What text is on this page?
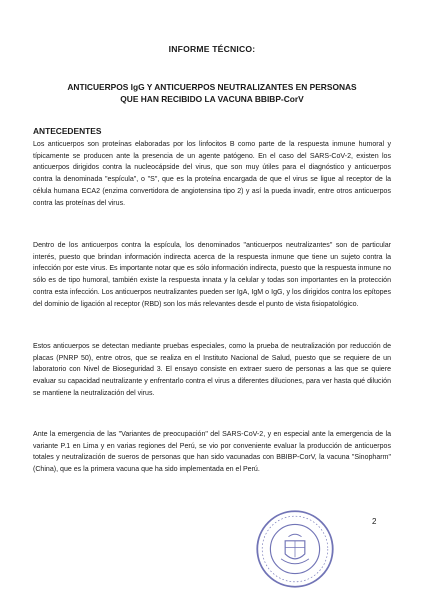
INFORME TÉCNICO:
ANTICUERPOS IgG Y ANTICUERPOS NEUTRALIZANTES EN PERSONAS QUE HAN RECIBIDO LA VACUNA BBIBP-CorV
ANTECEDENTES

Los anticuerpos son proteínas elaboradas por los linfocitos B como parte de la respuesta inmune humoral y típicamente se producen ante la presencia de un agente patógeno. En el caso del SARS-CoV-2, existen los anticuerpos dirigidos contra la nucleocápside del virus, que son muy útiles para el diagnóstico y anticuerpos contra la denominada "espícula", o "S", que es la proteína encargada de que el virus se ligue al receptor de la célula humana ECA2 (enzima convertidora de angiotensina tipo 2) y así la pueda invadir, entre otros anticuerpos contra las proteínas del virus.

Dentro de los anticuerpos contra la espícula, los denominados "anticuerpos neutralizantes" son de particular interés, puesto que brindan información indirecta acerca de la respuesta inmune que tiene un sujeto contra la infección por este virus. Es importante notar que es sólo información indirecta, puesto que la respuesta inmune no sólo es de tipo humoral, también existe la respuesta innata y la celular y todas son importantes en la protección contra esta infección. Los anticuerpos neutralizantes pueden ser IgA, IgM o IgG, y los dirigidos contra los epítopes del dominio de ligación al receptor (RBD) son los más relevantes desde el punto de vista fisiopatológico.

Estos anticuerpos se detectan mediante pruebas especiales, como la prueba de neutralización por reducción de placas (PNRP 50), entre otros, que se realiza en el Instituto Nacional de Salud, puesto que se requiere de un laboratorio con Nivel de Bioseguridad 3. El ensayo consiste en extraer suero de personas a las que se quiere evaluar su capacidad neutralizante y enfrentarlo contra el virus a diferentes diluciones, para ver hasta qué dilución se mantiene la neutralización del virus.

Ante la emergencia de las "Variantes de preocupación" del SARS-CoV-2, y en especial ante la emergencia de la variante P.1 en Lima y en varias regiones del Perú, se vio por conveniente evaluar la producción de anticuerpos totales y neutralización de sueros de personas que han sido vacunadas con BBIBP-CorV, la vacuna "Sinopharm" (China), que es la primera vacuna que ha sido implementada en el Perú.

2
